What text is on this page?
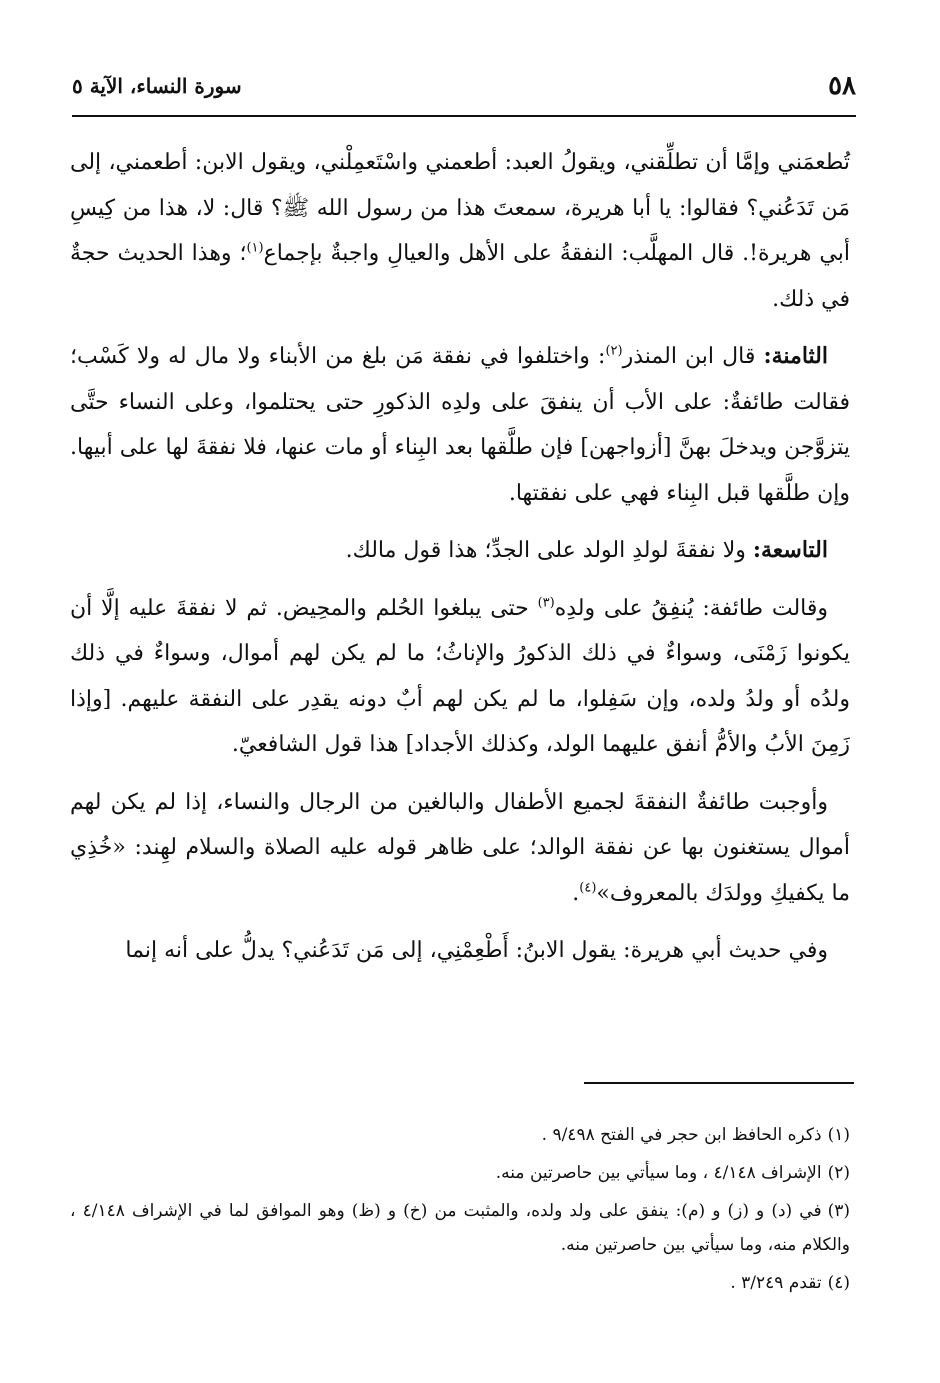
٥٨
سورة النساء، الآية ٥

تُطعمَني وإمَّا أن تطلِّقني، ويقولُ العبد: أطعمني واسْتَعمِلْني، ويقول الابن: أطعمني، إلى مَن تَدَعُني؟ فقالوا: يا أبا هريرة، سمعتَ هذا من رسول الله ﷺ؟ قال: لا، هذا من كِيسِ أبي هريرة!. قال المهلَّب: النفقةُ على الأهل والعيالِ واجبةٌ بإجماع$^{(١)}$؛ وهذا الحديث حجةٌ في ذلك.

الثامنة: قال ابن المنذر$^{(٢)}$: واختلفوا في نفقة مَن بلغ من الأبناء ولا مال له ولا كَسْب؛ فقالت طائفةٌ: على الأب أن ينفقَ على ولدِه الذكورِ حتى يحتلموا، وعلى النساء حتَّى يتزوَّجن ويدخلَ بهنَّ [أزواجهن] فإن طلَّقها بعد البِناء أو مات عنها، فلا نفقةَ لها على أبيها. وإن طلَّقها قبل البِناء فهي على نفقتها.

التاسعة: ولا نفقةَ لولدِ الولد على الجدِّ؛ هذا قول مالك.

وقالت طائفة: يُنفِقُ على ولدِه$^{(٣)}$ حتى يبلغوا الحُلم والمحِيض. ثم لا نفقةَ عليه إلَّا أن يكونوا زَمْنَى، وسواءٌ في ذلك الذكورُ والإناثُ؛ ما لم يكن لهم أموال، وسواءٌ في ذلك ولدُه أو ولدُ ولده، وإن سَفِلوا، ما لم يكن لهم أبٌ دونه يقدِر على النفقة عليهم. [وإذا زَمِنَ الأبُ والأمُّ أنفق عليهما الولد، وكذلك الأجداد] هذا قول الشافعيّ.

وأوجبت طائفةٌ النفقةَ لجميع الأطفال والبالغين من الرجال والنساء، إذا لم يكن لهم أموال يستغنون بها عن نفقة الوالد؛ على ظاهر قوله عليه الصلاة والسلام لهِند: «خُذِي ما يكفيكِ وولدَك بالمعروف»$^{(٤)}$.

وفي حديث أبي هريرة: يقول الابنُ: أَطْعِمْنِي، إلى مَن تَدَعُني؟ يدلُّ على أنه إنما

(١)ذكره الحافظ ابن حجر في الفتح ٩/٤٩٨ .
(٢)الإشراف ٤/١٤٨ ، وما سيأتي بين حاصرتين منه.
(٣)في (د) و (ز) و (م): ينفق على ولد ولده، والمثبت من (خ) و (ظ) وهو الموافق لما في الإشراف ٤/١٤٨ ، والكلام منه، وما سيأتي بين حاصرتين منه.
(٤)تقدم ٣/٢٤٩ .
